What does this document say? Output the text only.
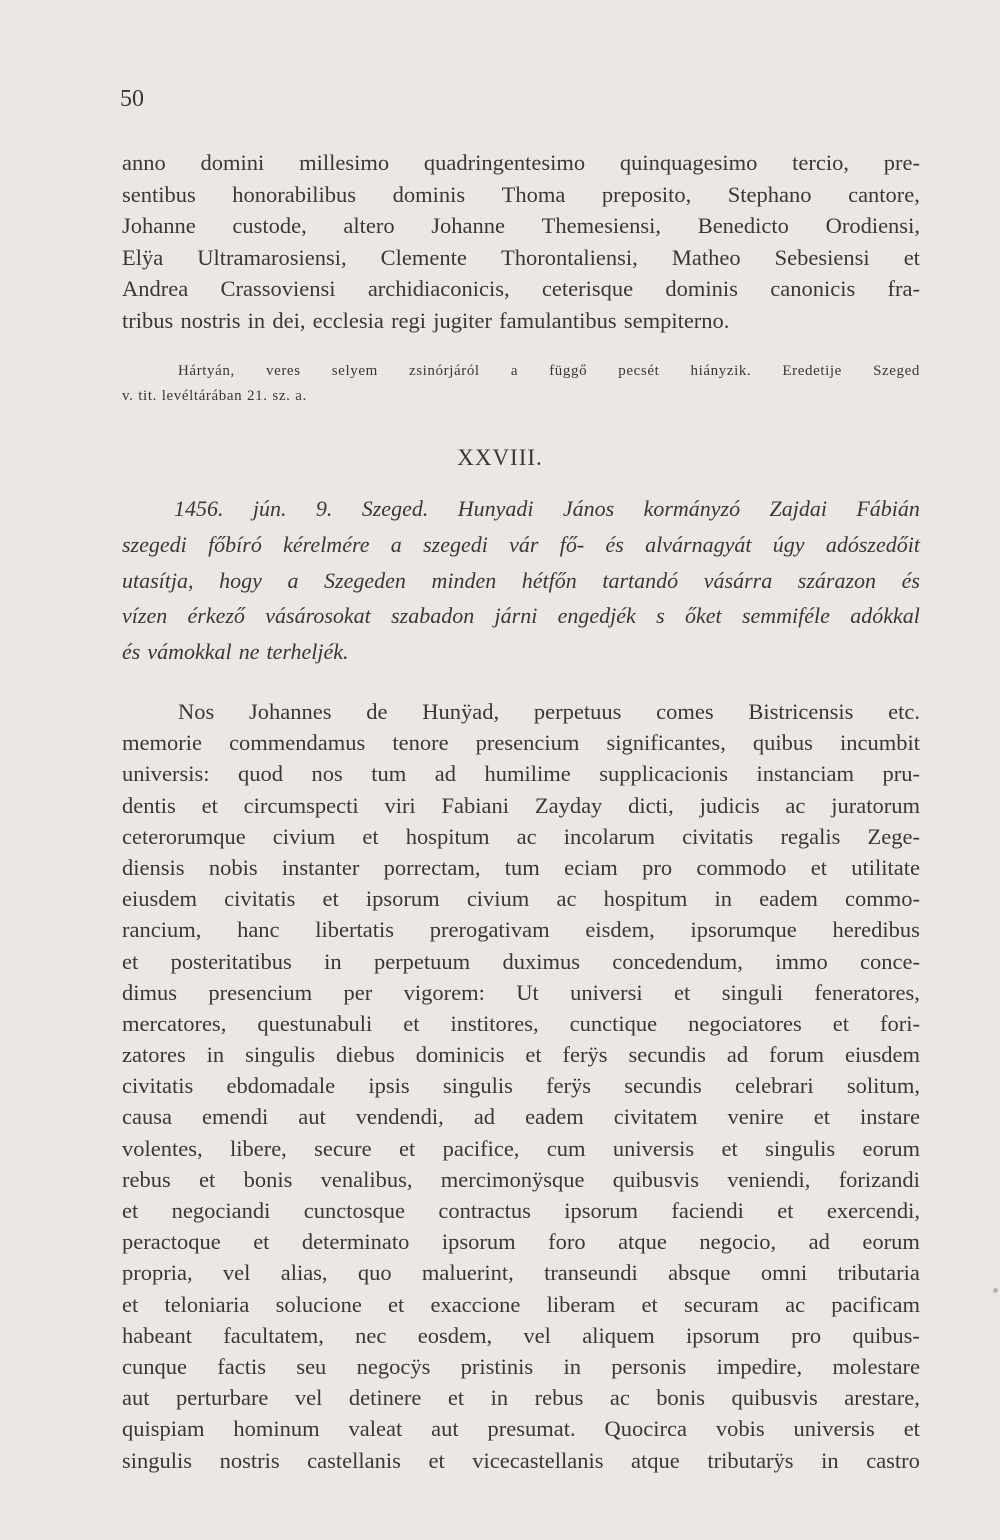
50
anno domini millesimo quadringentesimo quinquagesimo tercio, pre-
sentibus honorabilibus dominis Thoma preposito, Stephano cantore,
Johanne custode, altero Johanne Themesiensi, Benedicto Orodiensi,
Elÿa Ultramarosiensi, Clemente Thorontaliensi, Matheo Sebesiensi et
Andrea Crassoviensi archidiaconicis, ceterisque dominis canonicis fra-
tribus nostris in dei, ecclesia regi jugiter famulantibus sempiterno.
Hártyán, veres selyem zsinórjáról a függő pecsét hiányzik. Eredetije Szeged
v. tit. levéltárában 21. sz. a.
XXVIII.
1456. jún. 9. Szeged. Hunyadi János kormányzó Zajdai Fábián
szegedi főbíró kérelmére a szegedi vár fő- és alvárnagyát úgy adószedőit
utasítja, hogy a Szegeden minden hétfőn tartandó vásárra szárazon és
vízen érkező vásárosokat szabadon járni engedjék s őket semmiféle adókkal
és vámokkal ne terheljék.
Nos Johannes de Hunÿad, perpetuus comes Bistricensis etc.
memorie commendamus tenore presencium significantes, quibus incumbit
universis: quod nos tum ad humilime supplicacionis instanciam pru-
dentis et circumspecti viri Fabiani Zayday dicti, judicis ac juratorum
ceterorumque civium et hospitum ac incolarum civitatis regalis Zege-
diensis nobis instanter porrectam, tum eciam pro commodo et utilitate
eiusdem civitatis et ipsorum civium ac hospitum in eadem commo-
rancium, hanc libertatis prerogativam eisdem, ipsorumque heredibus
et posteritatibus in perpetuum duximus concedendum, immo conce-
dimus presencium per vigorem: Ut universi et singuli feneratores,
mercatores, questunabuli et institores, cunctique negociatores et fori-
zatores in singulis diebus dominicis et ferÿs secundis ad forum eiusdem
civitatis ebdomadale ipsis singulis ferÿs secundis celebrari solitum,
causa emendi aut vendendi, ad eadem civitatem venire et instare
volentes, libere, secure et pacifice, cum universis et singulis eorum
rebus et bonis venalibus, mercimonÿsque quibusvis veniendi, forizandi
et negociandi cunctosque contractus ipsorum faciendi et exercendi,
peractoque et determinato ipsorum foro atque negocio, ad eorum
propria, vel alias, quo maluerint, transeundi absque omni tributaria
et teloniaria solucione et exaccione liberam et securam ac pacificam
habeant facultatem, nec eosdem, vel aliquem ipsorum pro quibus-
cunque factis seu negocÿs pristinis in personis impedire, molestare
aut perturbare vel detinere et in rebus ac bonis quibusvis arestare,
quispiam hominum valeat aut presumat. Quocirca vobis universis et
singulis nostris castellanis et vicecastellanis atque tributarÿs in castro
